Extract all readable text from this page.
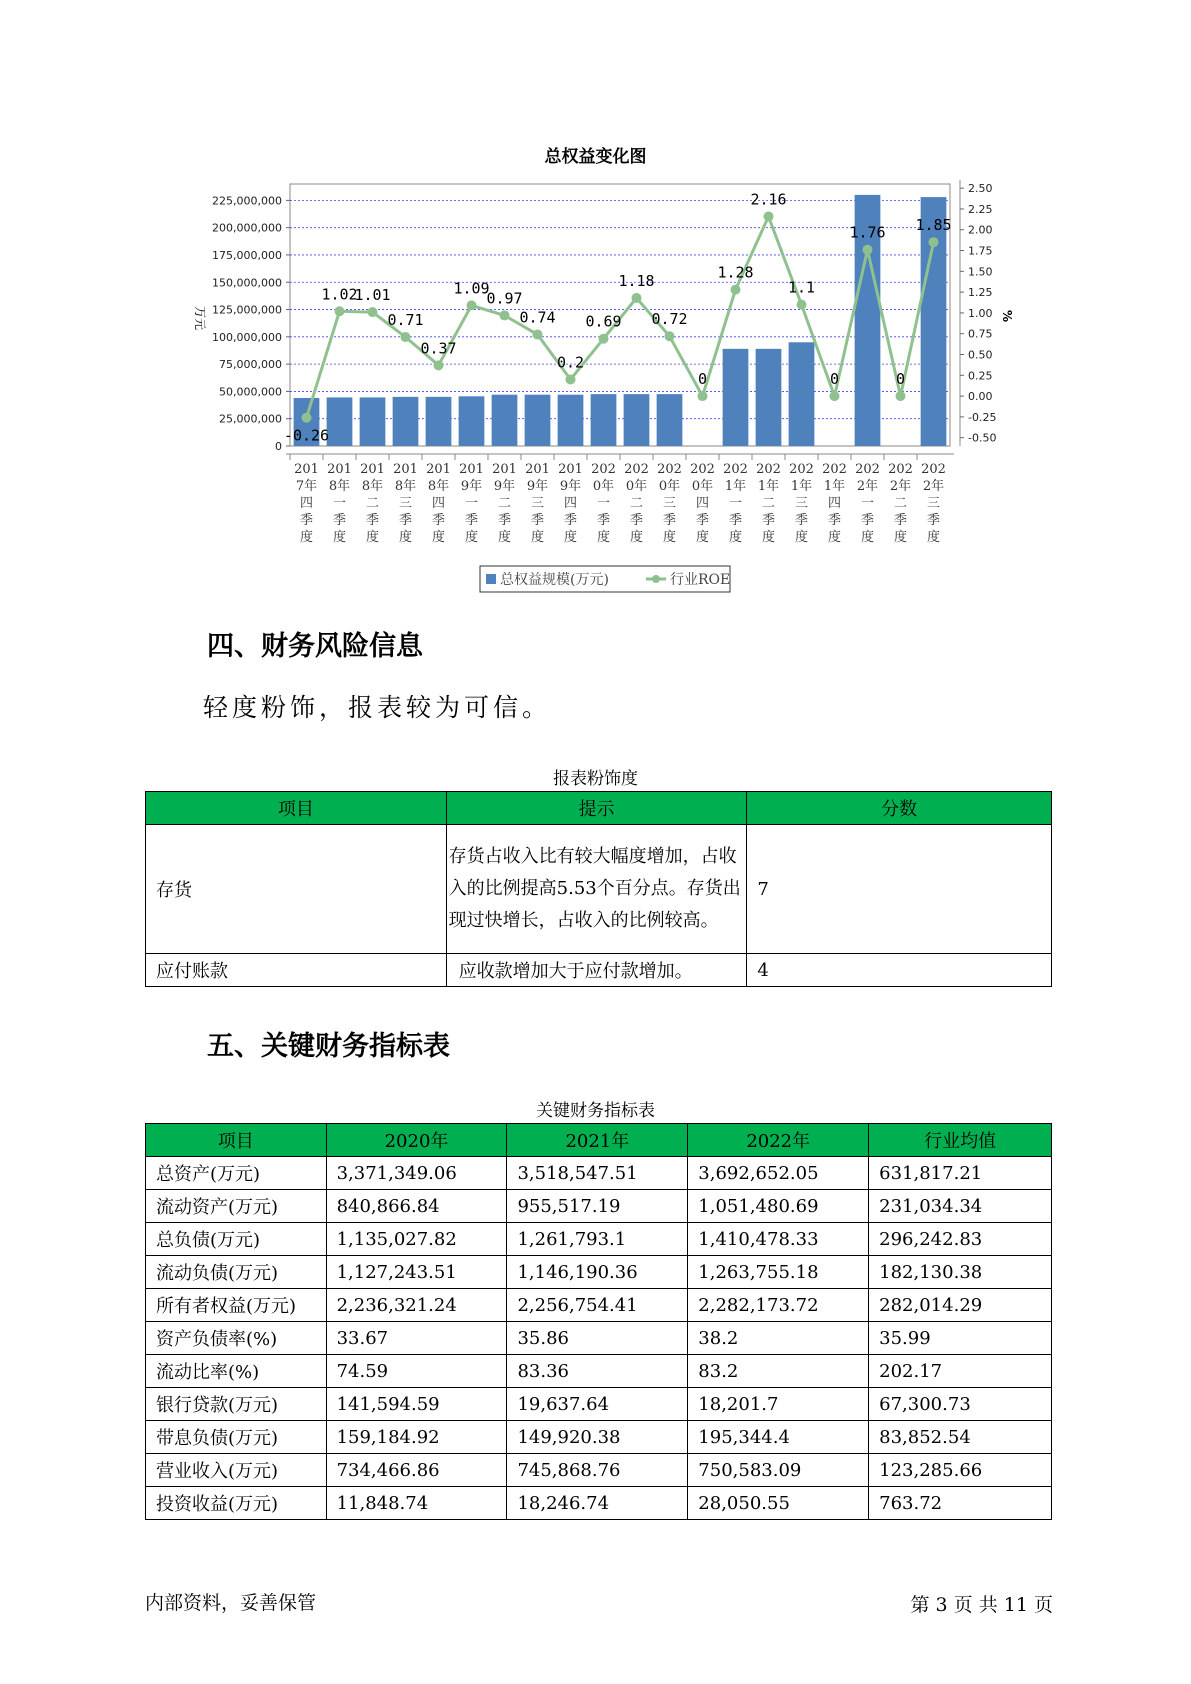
总权益变化图
0
25,000,000
50,000,000
75,000,000
100,000,000
125,000,000
150,000,000
175,000,000
200,000,000
225,000,000
-0.50
-0.25
0.00
0.25
0.50
0.75
1.00
1.25
1.50
1.75
2.00
2.25
2.50
万元	%
201
7年
四
季
度
201
8年
一
季
度
201
8年
二
季
度
201
8年
三
季
度
201
8年
四
季
度
201
9年
一
季
度
201
9年
二
季
度
201
9年
三
季
度
201
9年
四
季
度
202
0年
一
季
度
202
0年
二
季
度
202
0年
三
季
度
202
0年
四
季
度
202
1年
一
季
度
202
1年
二
季
度
202
1年
三
季
度
202
1年
四
季
度
202
2年
一
季
度
202
2年
二
季
度
202
2年
三
季
度
-0.26
1.02
1.01
0.71
0.37
1.09
0.97
0.74
0.2
0.69
1.18
0.72
0
1.28
2.16
1.1
0
1.76
0
1.85
总权益规模(万元)	行业ROE
四、财务风险信息
轻度粉饰，报表较为可信。
报表粉饰度
项目	提示	分数
存货	存货占收入比有较大幅度增加，占收入的比例提高5.53个百分点。存货出现过快增长，占收入的比例较高。	7
应付账款	应收款增加大于应付款增加。	4
五、关键财务指标表
关键财务指标表
项目	2020年	2021年	2022年	行业均值
总资产(万元)	3,371,349.06	3,518,547.51	3,692,652.05	631,817.21
流动资产(万元)	840,866.84	955,517.19	1,051,480.69	231,034.34
总负债(万元)	1,135,027.82	1,261,793.1	1,410,478.33	296,242.83
流动负债(万元)	1,127,243.51	1,146,190.36	1,263,755.18	182,130.38
所有者权益(万元)	2,236,321.24	2,256,754.41	2,282,173.72	282,014.29
资产负债率(%)	33.67	35.86	38.2	35.99
流动比率(%)	74.59	83.36	83.2	202.17
银行贷款(万元)	141,594.59	19,637.64	18,201.7	67,300.73
带息负债(万元)	159,184.92	149,920.38	195,344.4	83,852.54
营业收入(万元)	734,466.86	745,868.76	750,583.09	123,285.66
投资收益(万元)	11,848.74	18,246.74	28,050.55	763.72
内部资料，妥善保管	第 3 页 共 11 页
